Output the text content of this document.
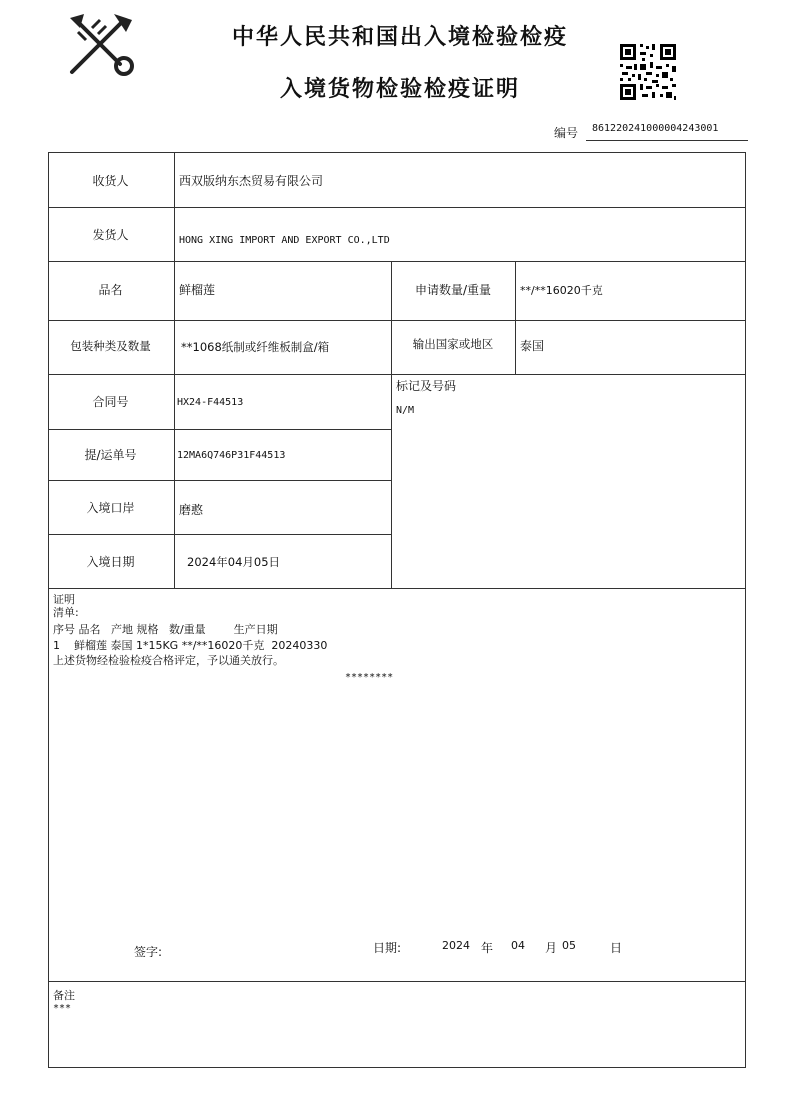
中华人民共和国出入境检验检疫
入境货物检验检疫证明
编号 861220241000004243001
收货人	西双版纳东杰贸易有限公司
发货人	HONG XING IMPORT AND EXPORT CO.,LTD
品名	鲜榴莲	申请数量/重量	**/**16020千克
包装种类及数量	**1068纸制或纤维板制盒/箱	输出国家或地区	泰国
合同号	HX24-F44513
标记及号码
N/M
提/运单号	12MA6Q746P31F44513
入境口岸	磨憨
入境日期	2024年04月05日
证明
清单:
序号 品名   产地 规格   数/重量        生产日期
1    鲜榴莲 泰国 1*15KG **/**16020千克  20240330
上述货物经检验检疫合格评定，予以通关放行。
********
签字:	日期:	2024 年 04 月 05	日
备注
***
